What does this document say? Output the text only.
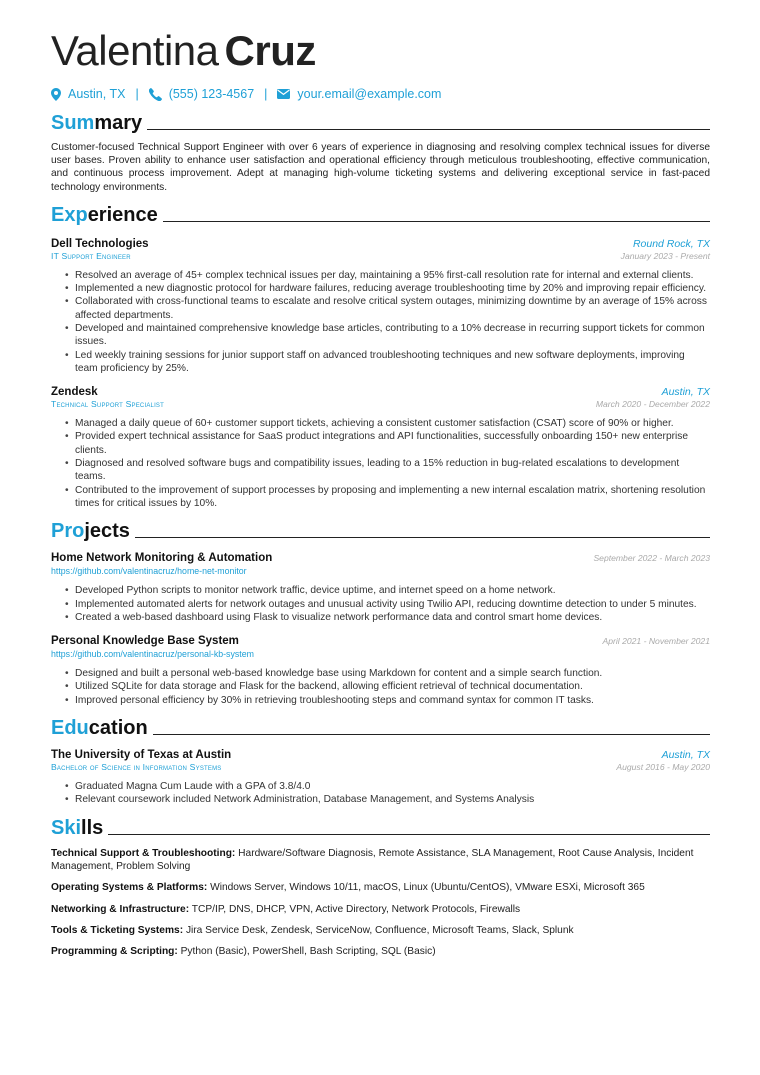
Valentina Cruz
Austin, TX | (555) 123-4567 | your.email@example.com
Summary
Customer-focused Technical Support Engineer with over 6 years of experience in diagnosing and resolving complex technical issues for diverse user bases. Proven ability to enhance user satisfaction and operational efficiency through meticulous troubleshooting, effective communication, and continuous process improvement. Adept at managing high-volume ticketing systems and delivering exceptional service in fast-paced technology environments.
Experience
Dell Technologies	Round Rock, TX
IT Support Engineer	January 2023 - Present
• Resolved an average of 45+ complex technical issues per day, maintaining a 95% first-call resolution rate for internal and external clients.
• Implemented a new diagnostic protocol for hardware failures, reducing average troubleshooting time by 20% and improving repair efficiency.
• Collaborated with cross-functional teams to escalate and resolve critical system outages, minimizing downtime by an average of 15% across affected departments.
• Developed and maintained comprehensive knowledge base articles, contributing to a 10% decrease in recurring support tickets for common issues.
• Led weekly training sessions for junior support staff on advanced troubleshooting techniques and new software deployments, improving team proficiency by 25%.
Zendesk	Austin, TX
Technical Support Specialist	March 2020 - December 2022
• Managed a daily queue of 60+ customer support tickets, achieving a consistent customer satisfaction (CSAT) score of 90% or higher.
• Provided expert technical assistance for SaaS product integrations and API functionalities, successfully onboarding 150+ new enterprise clients.
• Diagnosed and resolved software bugs and compatibility issues, leading to a 15% reduction in bug-related escalations to development teams.
• Contributed to the improvement of support processes by proposing and implementing a new internal escalation matrix, shortening resolution times for critical issues by 10%.
Projects
Home Network Monitoring & Automation	September 2022 - March 2023
https://github.com/valentinacruz/home-net-monitor
• Developed Python scripts to monitor network traffic, device uptime, and internet speed on a home network.
• Implemented automated alerts for network outages and unusual activity using Twilio API, reducing downtime detection to under 5 minutes.
• Created a web-based dashboard using Flask to visualize network performance data and control smart home devices.
Personal Knowledge Base System	April 2021 - November 2021
https://github.com/valentinacruz/personal-kb-system
• Designed and built a personal web-based knowledge base using Markdown for content and a simple search function.
• Utilized SQLite for data storage and Flask for the backend, allowing efficient retrieval of technical documentation.
• Improved personal efficiency by 30% in retrieving troubleshooting steps and command syntax for common IT tasks.
Education
The University of Texas at Austin	Austin, TX
Bachelor of Science in Information Systems	August 2016 - May 2020
• Graduated Magna Cum Laude with a GPA of 3.8/4.0
• Relevant coursework included Network Administration, Database Management, and Systems Analysis
Skills
Technical Support & Troubleshooting: Hardware/Software Diagnosis, Remote Assistance, SLA Management, Root Cause Analysis, Incident Management, Problem Solving
Operating Systems & Platforms: Windows Server, Windows 10/11, macOS, Linux (Ubuntu/CentOS), VMware ESXi, Microsoft 365
Networking & Infrastructure: TCP/IP, DNS, DHCP, VPN, Active Directory, Network Protocols, Firewalls
Tools & Ticketing Systems: Jira Service Desk, Zendesk, ServiceNow, Confluence, Microsoft Teams, Slack, Splunk
Programming & Scripting: Python (Basic), PowerShell, Bash Scripting, SQL (Basic)
